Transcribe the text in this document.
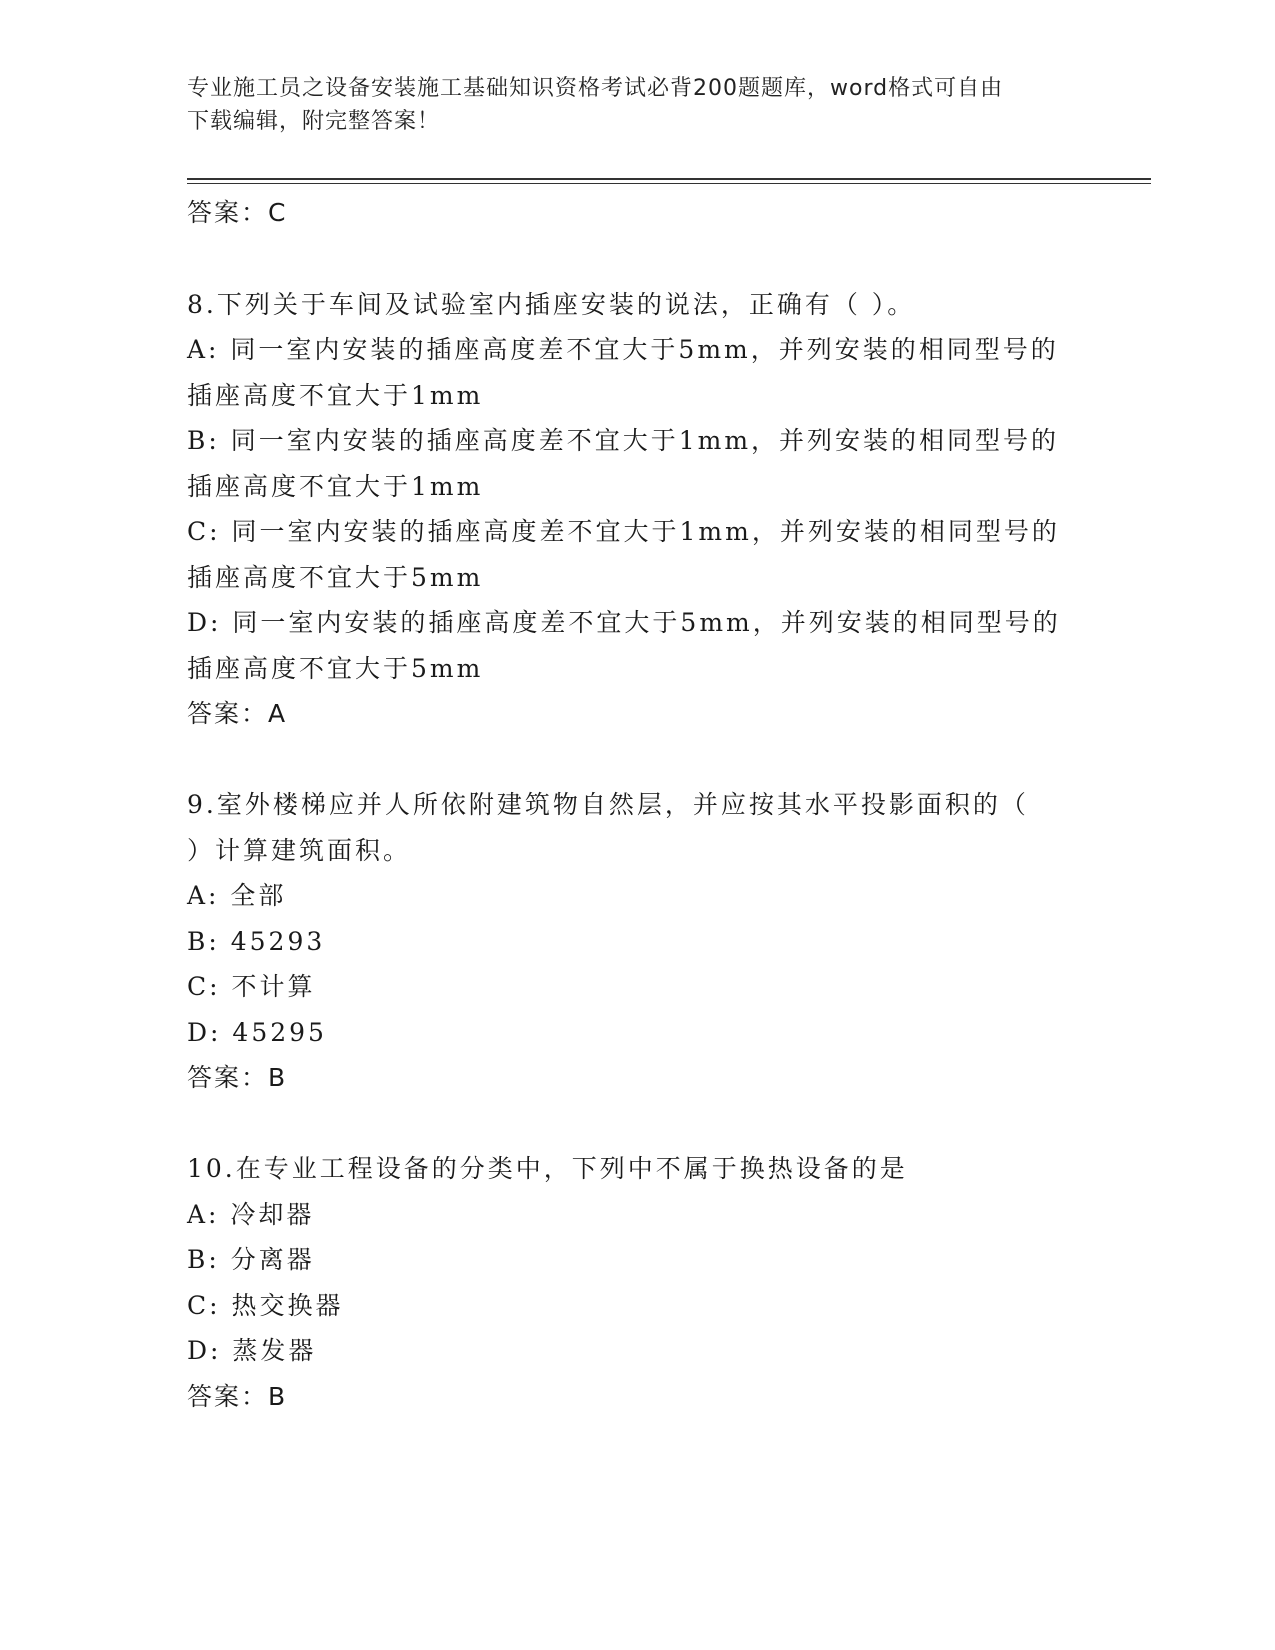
专业施工员之设备安装施工基础知识资格考试必背200题题库，word格式可自由
下载编辑，附完整答案！
答案：C
8.下列关于车间及试验室内插座安装的说法，正确有（ ）。
A: 同一室内安装的插座高度差不宜大于5mm，并列安装的相同型号的
插座高度不宜大于1mm
B: 同一室内安装的插座高度差不宜大于1mm，并列安装的相同型号的
插座高度不宜大于1mm
C: 同一室内安装的插座高度差不宜大于1mm，并列安装的相同型号的
插座高度不宜大于5mm
D: 同一室内安装的插座高度差不宜大于5mm，并列安装的相同型号的
插座高度不宜大于5mm
答案：A
9.室外楼梯应并人所依附建筑物自然层，并应按其水平投影面积的（
）计算建筑面积。
A: 全部
B: 45293
C: 不计算
D: 45295
答案：B
10.在专业工程设备的分类中，下列中不属于换热设备的是
A: 冷却器
B: 分离器
C: 热交换器
D: 蒸发器
答案：B
